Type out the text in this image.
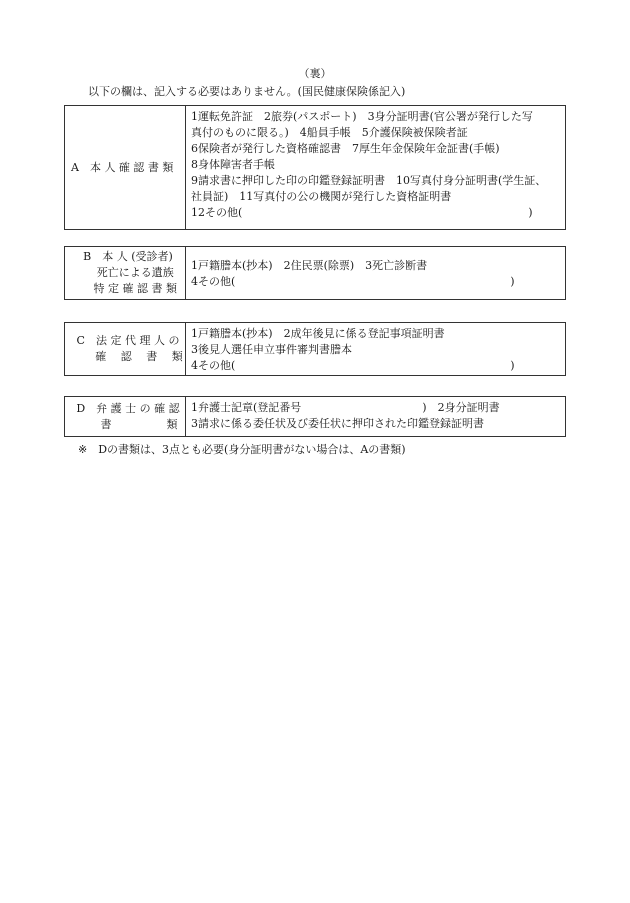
（裏）
以下の欄は、記入する必要はありません。(国民健康保険係記入)
A　本 人 確 認 書 類
1運転免許証　2旅券(パスポート)　3身分証明書(官公署が発行した写
真付のものに限る。)　4船員手帳　5介護保険被保険者証
6保険者が発行した資格確認書　7厚生年金保険年金証書(手帳)
8身体障害者手帳
9請求書に押印した印の印鑑登録証明書　10写真付身分証明書(学生証、
社員証)　11写真付の公の機関が発行した資格証明書
12その他(　　　　　　　　　　　　　　　　　　　　　　　　　　)
B　本 人 (受診者)
　 死亡による遺族
　 特 定 確 認 書 類
1戸籍謄本(抄本)　2住民票(除票)　3死亡診断書
4その他(　　　　　　　　　　　　　　　　　　　　　　　　　)
C　法 定 代 理 人 の
　　確　 認　 書　 類
1戸籍謄本(抄本)　2成年後見に係る登記事項証明書
3後見人選任申立事件審判書謄本
4その他(　　　　　　　　　　　　　　　　　　　　　　　　　)
D　弁 護 士 の 確 認
　　書　　　　　類
1弁護士記章(登記番号　　　　　　　　　　　)　2身分証明書
3請求に係る委任状及び委任状に押印された印鑑登録証明書
※　Dの書類は、3点とも必要(身分証明書がない場合は、Aの書類)
